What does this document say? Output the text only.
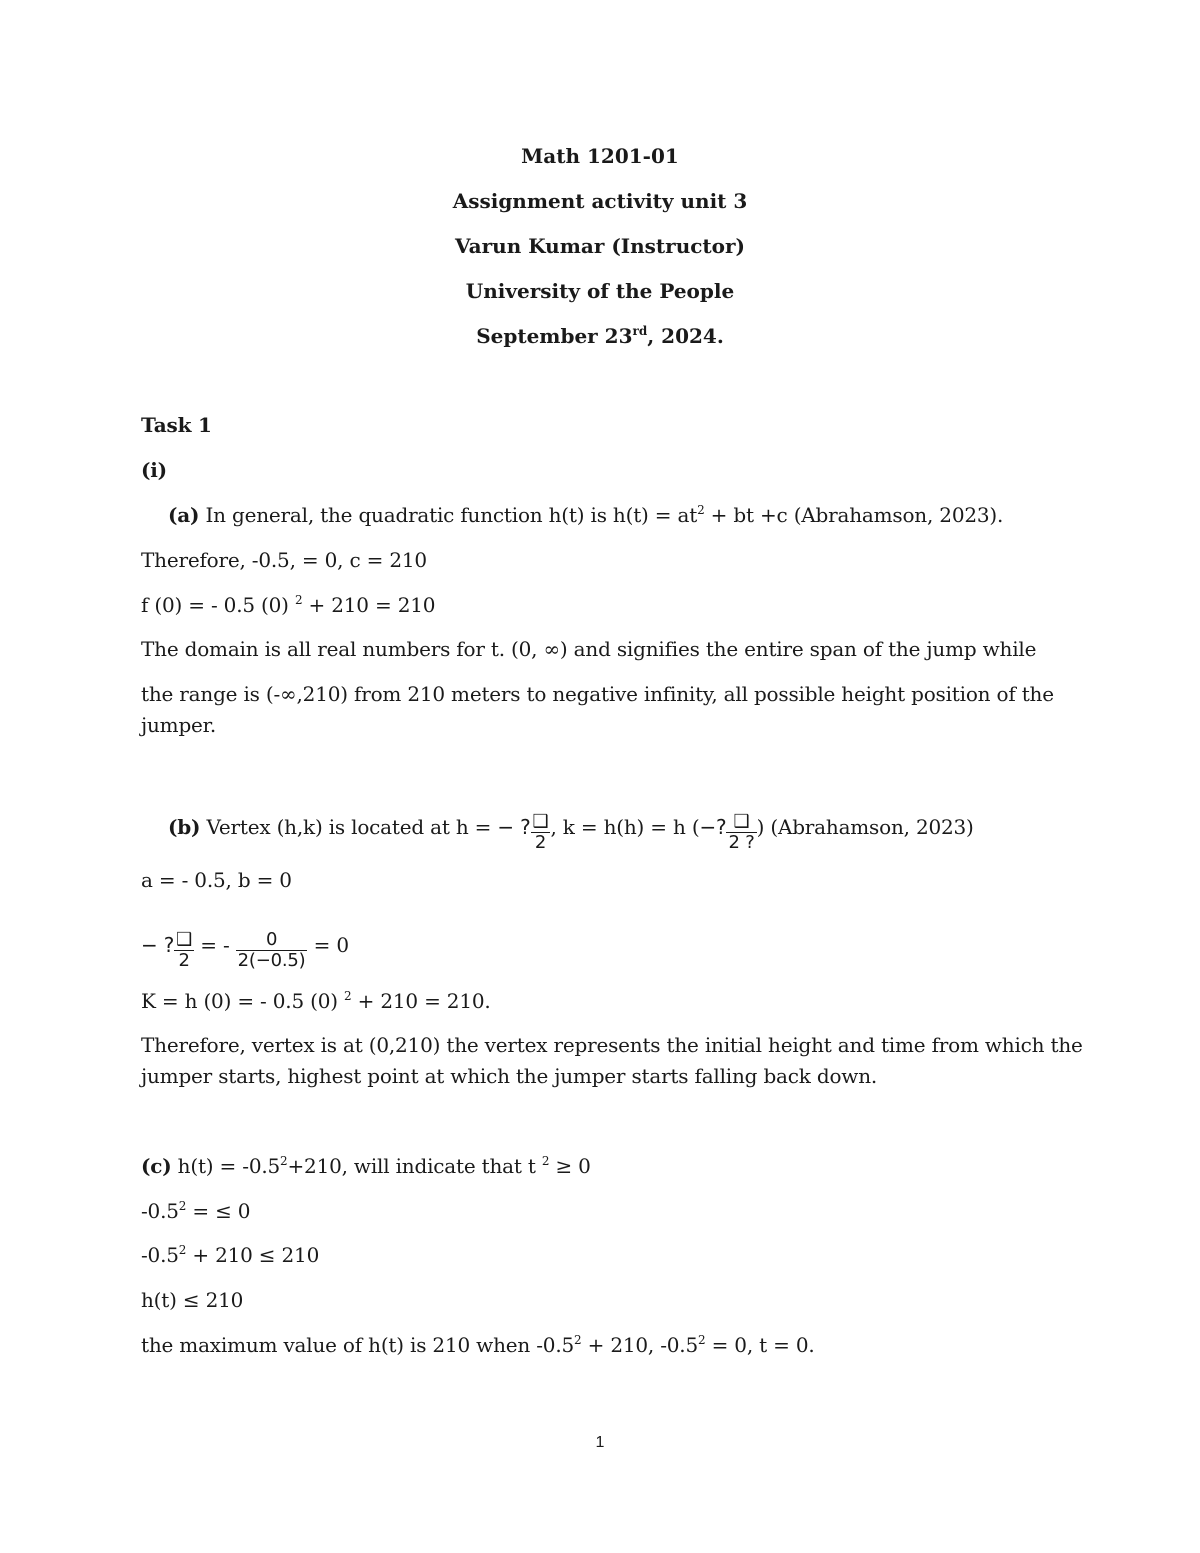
Math 1201-01
Assignment activity unit 3
Varun Kumar (Instructor)
University of the People
September 23rd, 2024.
Task 1
(i)
(a) In general, the quadratic function h(t) is $h(t) = at^2$ + bt +c (Abrahamson, 2023).
Therefore, -0.5, = 0, c = 210
f (0) = - 0.5 (0) $^2$ + 210 = 210
The domain is all real numbers for t. (0, ∞) and signifies the entire span of the jump while
the range is (-∞,210) from 210 meters to negative infinity, all possible height position of the
jumper.
(b) Vertex (h,k) is located at h = − ? $\frac{❑}{2}$ , k = h(h) = h (−? $\frac{❑}{2 ?}$ ) (Abrahamson, 2023)
a = - 0.5, b = 0
− ? $\frac{❑}{2}$ = - $\frac{0}{2(-0.5)} = 0$
K = h (0) = - 0.5 (0) $^2$ + 210 = 210.
Therefore, vertex is at (0,210) the vertex represents the initial height and time from which the
jumper starts, highest point at which the jumper starts falling back down.
(c) $h(t) = -0.5^2+210$, will indicate that t $^2$ ≥ 0
$-0.5^2$ = ≤ 0
$-0.5^2 + 210 \le 210$
h(t) ≤ 210
the maximum value of h(t) is 210 when $-0.5^2 + 210$, $-0.5^2 = 0$, t = 0.
1
